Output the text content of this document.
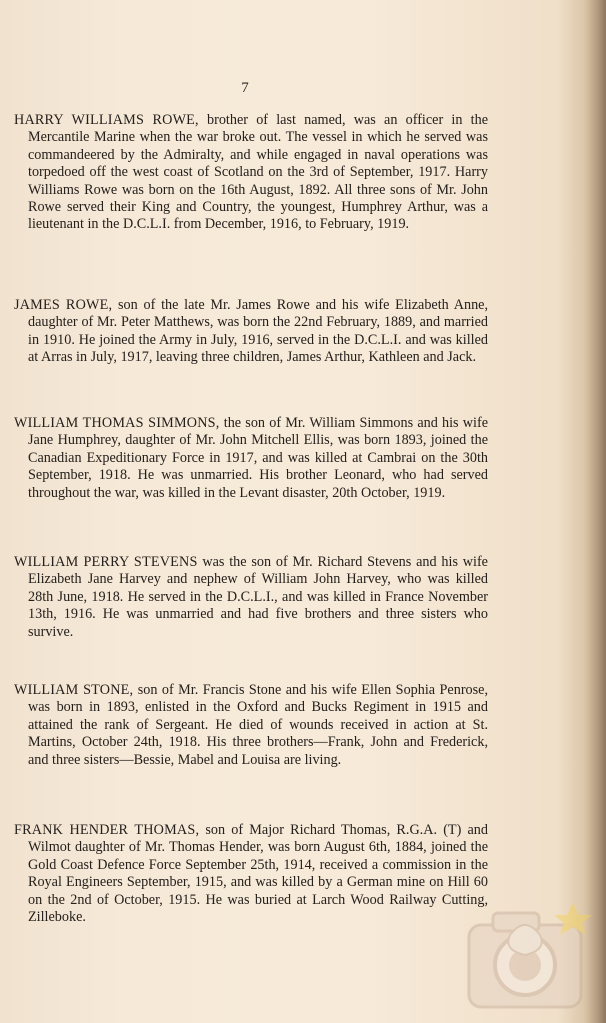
7

HARRY WILLIAMS ROWE, brother of last named, was an officer in the Mercantile Marine when the war broke out. The vessel in which he served was commandeered by the Admiralty, and while engaged in naval operations was torpedoed off the west coast of Scotland on the 3rd of September, 1917. Harry Williams Rowe was born on the 16th August, 1892. All three sons of Mr. John Rowe served their King and Country, the youngest, Humphrey Arthur, was a lieutenant in the D.C.L.I. from December, 1916, to February, 1919.

JAMES ROWE, son of the late Mr. James Rowe and his wife Elizabeth Anne, daughter of Mr. Peter Matthews, was born the 22nd February, 1889, and married in 1910. He joined the Army in July, 1916, served in the D.C.L.I. and was killed at Arras in July, 1917, leaving three children, James Arthur, Kathleen and Jack.

WILLIAM THOMAS SIMMONS, the son of Mr. William Simmons and his wife Jane Humphrey, daughter of Mr. John Mitchell Ellis, was born 1893, joined the Canadian Expeditionary Force in 1917, and was killed at Cambrai on the 30th September, 1918. He was unmarried. His brother Leonard, who had served throughout the war, was killed in the Levant disaster, 20th October, 1919.

WILLIAM PERRY STEVENS was the son of Mr. Richard Stevens and his wife Elizabeth Jane Harvey and nephew of William John Harvey, who was killed 28th June, 1918. He served in the D.C.L.I., and was killed in France November 13th, 1916. He was unmarried and had five brothers and three sisters who survive.

WILLIAM STONE, son of Mr. Francis Stone and his wife Ellen Sophia Penrose, was born in 1893, enlisted in the Oxford and Bucks Regiment in 1915 and attained the rank of Sergeant. He died of wounds received in action at St. Martins, October 24th, 1918. His three brothers—Frank, John and Frederick, and three sisters—Bessie, Mabel and Louisa are living.

FRANK HENDER THOMAS, son of Major Richard Thomas, R.G.A. (T) and Wilmot daughter of Mr. Thomas Hender, was born August 6th, 1884, joined the Gold Coast Defence Force September 25th, 1914, received a commission in the Royal Engineers September, 1915, and was killed by a German mine on Hill 60 on the 2nd of October, 1915. He was buried at Larch Wood Railway Cutting, Zilleboke.
